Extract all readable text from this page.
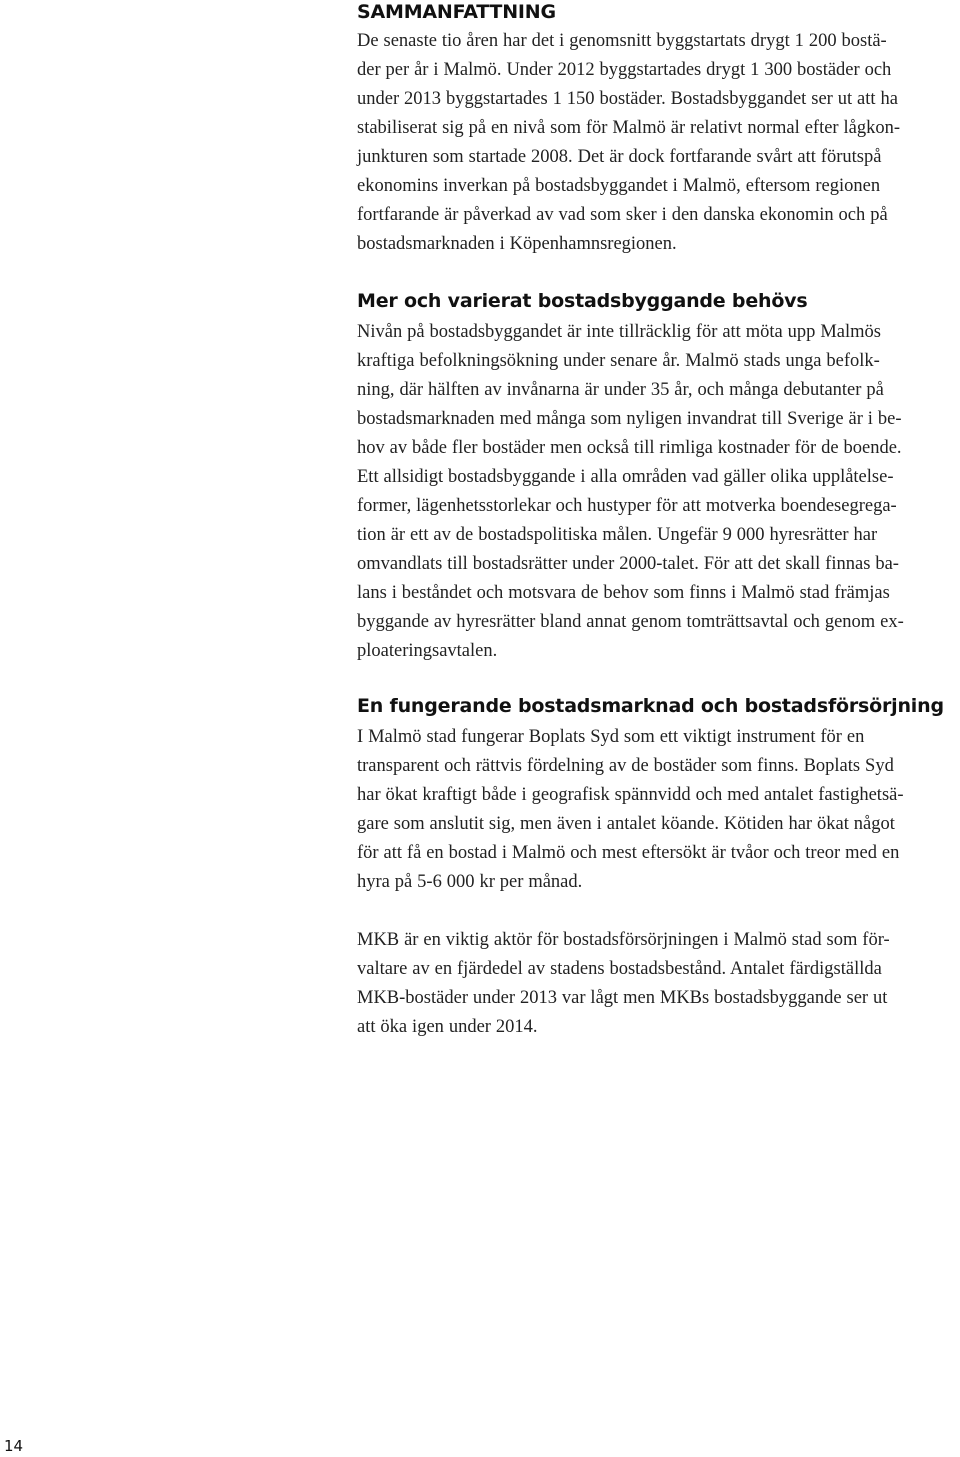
SAMMANFATTNING
De senaste tio åren har det i genomsnitt byggstartats drygt 1 200 bostä-
der per år i Malmö. Under 2012 byggstartades drygt 1 300 bostäder och
under 2013 byggstartades 1 150 bostäder. Bostadsbyggandet ser ut att ha
stabiliserat sig på en nivå som för Malmö är relativt normal efter lågkon-
junkturen som startade 2008. Det är dock fortfarande svårt att förutspå
ekonomins inverkan på bostadsbyggandet i Malmö, eftersom regionen
fortfarande är påverkad av vad som sker i den danska ekonomin och på
bostadsmarknaden i Köpenhamnsregionen.
Mer och varierat bostadsbyggande behövs
Nivån på bostadsbyggandet är inte tillräcklig för att möta upp Malmös
kraftiga befolkningsökning under senare år. Malmö stads unga befolk-
ning, där hälften av invånarna är under 35 år, och många debutanter på
bostadsmarknaden med många som nyligen invandrat till Sverige är i be-
hov av både fler bostäder men också till rimliga kostnader för de boende.
Ett allsidigt bostadsbyggande i alla områden vad gäller olika upplåtelse-
former, lägenhetsstorlekar och hustyper för att motverka boendesegrega-
tion är ett av de bostadspolitiska målen. Ungefär 9 000 hyresrätter har
omvandlats till bostadsrätter under 2000-talet. För att det skall finnas ba-
lans i beståndet och motsvara de behov som finns i Malmö stad främjas
byggande av hyresrätter bland annat genom tomträttsavtal och genom ex-
ploateringsavtalen.
En fungerande bostadsmarknad och bostadsförsörjning
I Malmö stad fungerar Boplats Syd som ett viktigt instrument för en
transparent och rättvis fördelning av de bostäder som finns. Boplats Syd
har ökat kraftigt både i geografisk spännvidd och med antalet fastighetsä-
gare som anslutit sig, men även i antalet köande. Kötiden har ökat något
för att få en bostad i Malmö och mest eftersökt är tvåor och treor med en
hyra på 5-6 000 kr per månad.
MKB är en viktig aktör för bostadsförsörjningen i Malmö stad som för-
valtare av en fjärdedel av stadens bostadsbestånd. Antalet färdigställda
MKB-bostäder under 2013 var lågt men MKBs bostadsbyggande ser ut
att öka igen under 2014.
14
